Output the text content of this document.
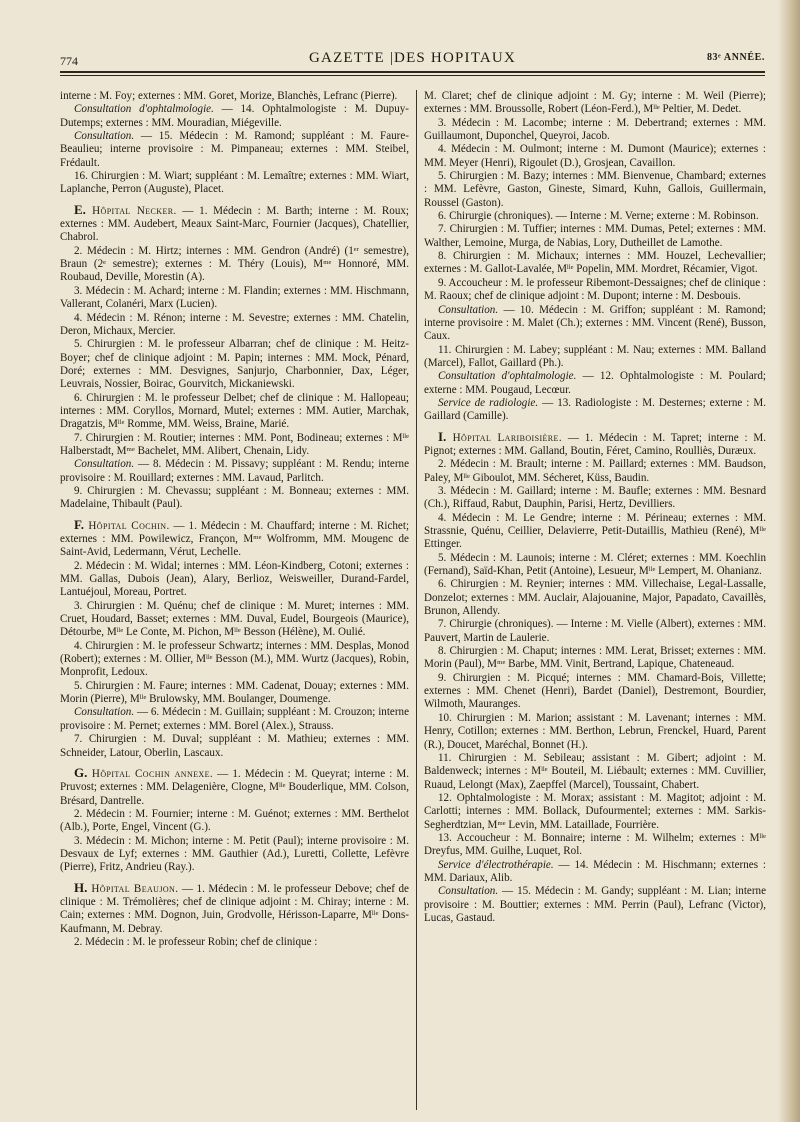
774	GAZETTE |DES HOPITAUX	83ᵉ ANNÉE.

interne : M. Foy; externes : MM. Goret, Morize, Blanchès, Lefranc (Pierre).

Consultation d'ophtalmologie. — 14. Ophtalmologiste : M. Dupuy-Dutemps; externes : MM. Mouradian, Miégeville.

Consultation. — 15. Médecin : M. Ramond; suppléant : M. Faure-Beaulieu; interne provisoire : M. Pimpaneau; externes : MM. Steibel, Frédault.

16. Chirurgien : M. Wiart; suppléant : M. Lemaître; externes : MM. Wiart, Laplanche, Perron (Auguste), Placet.

E. Hôpital Necker. — 1. Médecin : M. Barth; interne : M. Roux; externes : MM. Audebert, Meaux Saint-Marc, Fournier (Jacques), Chatellier, Chabrol.

2. Médecin : M. Hirtz; internes : MM. Gendron (André) (1ᵉʳ semestre), Braun (2ᵉ semestre); externes : M. Théry (Louis), Mᵐᵉ Honnoré, MM. Roubaud, Deville, Morestin (A).

3. Médecin : M. Achard; interne : M. Flandin; externes : MM. Hischmann, Vallerant, Colanéri, Marx (Lucien).

4. Médecin : M. Rénon; interne : M. Sevestre; externes : MM. Chatelin, Deron, Michaux, Mercier.

5. Chirurgien : M. le professeur Albarran; chef de clinique : M. Heitz-Boyer; chef de clinique adjoint : M. Papin; internes : MM. Mock, Pénard, Doré; externes : MM. Desvignes, Sanjurjo, Charbonnier, Dax, Léger, Leuvrais, Nossier, Boirac, Gourvitch, Mickaniewski.

6. Chirurgien : M. le professeur Delbet; chef de clinique : M. Hallopeau; internes : MM. Coryllos, Mornard, Mutel; externes : MM. Autier, Marchak, Dragatzis, Mˡˡᵉ Romme, MM. Weiss, Braine, Marié.

7. Chirurgien : M. Routier; internes : MM. Pont, Bodineau; externes : Mˡˡᵉ Halberstadt, Mᵐᵉ Bachelet, MM. Alibert, Chenain, Lidy.

Consultation. — 8. Médecin : M. Pissavy; suppléant : M. Rendu; interne provisoire : M. Rouillard; externes : MM. Lavaud, Parlitch.

9. Chirurgien : M. Chevassu; suppléant : M. Bonneau; externes : MM. Madelaine, Thibault (Paul).

F. Hôpital Cochin. — 1. Médecin : M. Chauffard; interne : M. Richet; externes : MM. Powilewicz, Françon, Mᵐᵉ Wolfromm, MM. Mougenc de Saint-Avid, Ledermann, Vérut, Lechelle.

2. Médecin : M. Widal; internes : MM. Léon-Kindberg, Cotoni; externes : MM. Gallas, Dubois (Jean), Alary, Berlioz, Weisweiller, Durand-Fardel, Lantuéjoul, Moreau, Portret.

3. Chirurgien : M. Quénu; chef de clinique : M. Muret; internes : MM. Cruet, Houdard, Basset; externes : MM. Duval, Eudel, Bourgeois (Maurice), Détourbe, Mˡˡᵉ Le Conte, M. Pichon, Mˡˡᵉ Besson (Hélène), M. Oulié.

4. Chirurgien : M. le professeur Schwartz; internes : MM. Desplas, Monod (Robert); externes : M. Ollier, Mˡˡᵉ Besson (M.), MM. Wurtz (Jacques), Robin, Monprofit, Ledoux.

5. Chirurgien : M. Faure; internes : MM. Cadenat, Douay; externes : MM. Morin (Pierre), Mˡˡᵉ Brulowsky, MM. Boulanger, Doumenge.

Consultation. — 6. Médecin : M. Guillain; suppléant : M. Crouzon; interne provisoire : M. Pernet; externes : MM. Borel (Alex.), Strauss.

7. Chirurgien : M. Duval; suppléant : M. Mathieu; externes : MM. Schneider, Latour, Oberlin, Lascaux.

G. Hôpital Cochin annexe. — 1. Médecin : M. Queyrat; interne : M. Pruvost; externes : MM. Delagenière, Clogne, Mˡˡᵉ Bouderlique, MM. Colson, Brésard, Dantrelle.

2. Médecin : M. Fournier; interne : M. Guénot; externes : MM. Berthelot (Alb.), Porte, Engel, Vincent (G.).

3. Médecin : M. Michon; interne : M. Petit (Paul); interne provisoire : M. Desvaux de Lyf; externes : MM. Gauthier (Ad.), Luretti, Collette, Lefèvre (Pierre), Fritz, Andrieu (Ray.).

H. Hôpital Beaujon. — 1. Médecin : M. le professeur Debove; chef de clinique : M. Trémolières; chef de clinique adjoint : M. Chiray; interne : M. Cain; externes : MM. Dognon, Juin, Grodvolle, Hérisson-Laparre, Mˡˡᵉ Dons-Kaufmann, M. Debray.

2. Médecin : M. le professeur Robin; chef de clinique :

M. Claret; chef de clinique adjoint : M. Gy; interne : M. Weil (Pierre); externes : MM. Broussolle, Robert (Léon-Ferd.), Mˡˡᵉ Peltier, M. Dedet.

3. Médecin : M. Lacombe; interne : M. Debertrand; externes : MM. Guillaumont, Duponchel, Queyroi, Jacob.

4. Médecin : M. Oulmont; interne : M. Dumont (Maurice); externes : MM. Meyer (Henri), Rigoulet (D.), Grosjean, Cavaillon.

5. Chirurgien : M. Bazy; internes : MM. Bienvenue, Chambard; externes : MM. Lefèvre, Gaston, Gineste, Simard, Kuhn, Gallois, Guillermain, Roussel (Gaston).

6. Chirurgie (chroniques). — Interne : M. Verne; externe : M. Robinson.

7. Chirurgien : M. Tuffier; internes : MM. Dumas, Petel; externes : MM. Walther, Lemoine, Murga, de Nabias, Lory, Dutheillet de Lamothe.

8. Chirurgien : M. Michaux; internes : MM. Houzel, Lechevallier; externes : M. Gallot-Lavalée, Mˡˡᵉ Popelin, MM. Mordret, Récamier, Vigot.

9. Accoucheur : M. le professeur Ribemont-Dessaignes; chef de clinique : M. Raoux; chef de clinique adjoint : M. Dupont; interne : M. Desbouis.

Consultation. — 10. Médecin : M. Griffon; suppléant : M. Ramond; interne provisoire : M. Malet (Ch.); externes : MM. Vincent (René), Busson, Caux.

11. Chirurgien : M. Labey; suppléant : M. Nau; externes : MM. Balland (Marcel), Fallot, Gaillard (Ph.).

Consultation d'ophtalmologie. — 12. Ophtalmologiste : M. Poulard; externe : MM. Pougaud, Lecœur.

Service de radiologie. — 13. Radiologiste : M. Desternes; externe : M. Gaillard (Camille).

I. Hôpital Lariboisière. — 1. Médecin : M. Tapret; interne : M. Pignot; externes : MM. Galland, Boutin, Féret, Camino, Roulliès, Duræux.

2. Médecin : M. Brault; interne : M. Paillard; externes : MM. Baudson, Paley, Mˡˡᵉ Giboulot, MM. Sécheret, Küss, Baudin.

3. Médecin : M. Gaillard; interne : M. Baufle; externes : MM. Besnard (Ch.), Riffaud, Rabut, Dauphin, Parisi, Hertz, Devilliers.

4. Médecin : M. Le Gendre; interne : M. Périneau; externes : MM. Strassnie, Quénu, Ceillier, Delavierre, Petit-Dutaillis, Mathieu (René), Mˡˡᵉ Ettinger.

5. Médecin : M. Launois; interne : M. Cléret; externes : MM. Koechlin (Fernand), Saïd-Khan, Petit (Antoine), Lesueur, Mˡˡᵉ Lempert, M. Ohanianz.

6. Chirurgien : M. Reynier; internes : MM. Villechaise, Legal-Lassalle, Donzelot; externes : MM. Auclair, Alajouanine, Major, Papadato, Cavaillès, Brunon, Allendy.

7. Chirurgie (chroniques). — Interne : M. Vielle (Albert), externes : MM. Pauvert, Martin de Laulerie.

8. Chirurgien : M. Chaput; internes : MM. Lerat, Brisset; externes : MM. Morin (Paul), Mᵐᵉ Barbe, MM. Vinit, Bertrand, Lapique, Chateneaud.

9. Chirurgien : M. Picqué; internes : MM. Chamard-Bois, Villette; externes : MM. Chenet (Henri), Bardet (Daniel), Destremont, Bourdier, Wilmoth, Mauranges.

10. Chirurgien : M. Marion; assistant : M. Lavenant; internes : MM. Henry, Cotillon; externes : MM. Berthon, Lebrun, Frenckel, Huard, Parent (R.), Doucet, Maréchal, Bonnet (H.).

11. Chirurgien : M. Sebileau; assistant : M. Gibert; adjoint : M. Baldenweck; internes : Mˡˡᵉ Bouteil, M. Liébault; externes : MM. Cuvillier, Ruaud, Lelongt (Max), Zaepffel (Marcel), Toussaint, Chabert.

12. Ophtalmologiste : M. Morax; assistant : M. Magitot; adjoint : M. Carlotti; internes : MM. Bollack, Dufourmentel; externes : MM. Sarkis-Segherdtzian, Mᵐᵉ Levin, MM. Lataillade, Fourrière.

13. Accoucheur : M. Bonnaire; interne : M. Wilhelm; externes : Mˡˡᵉ Dreyfus, MM. Guilhe, Luquet, Rol.

Service d'électrothérapie. — 14. Médecin : M. Hischmann; externes : MM. Dariaux, Alib.

Consultation. — 15. Médecin : M. Gandy; suppléant : M. Lian; interne provisoire : M. Bouttier; externes : MM. Perrin (Paul), Lefranc (Victor), Lucas, Gastaud.
